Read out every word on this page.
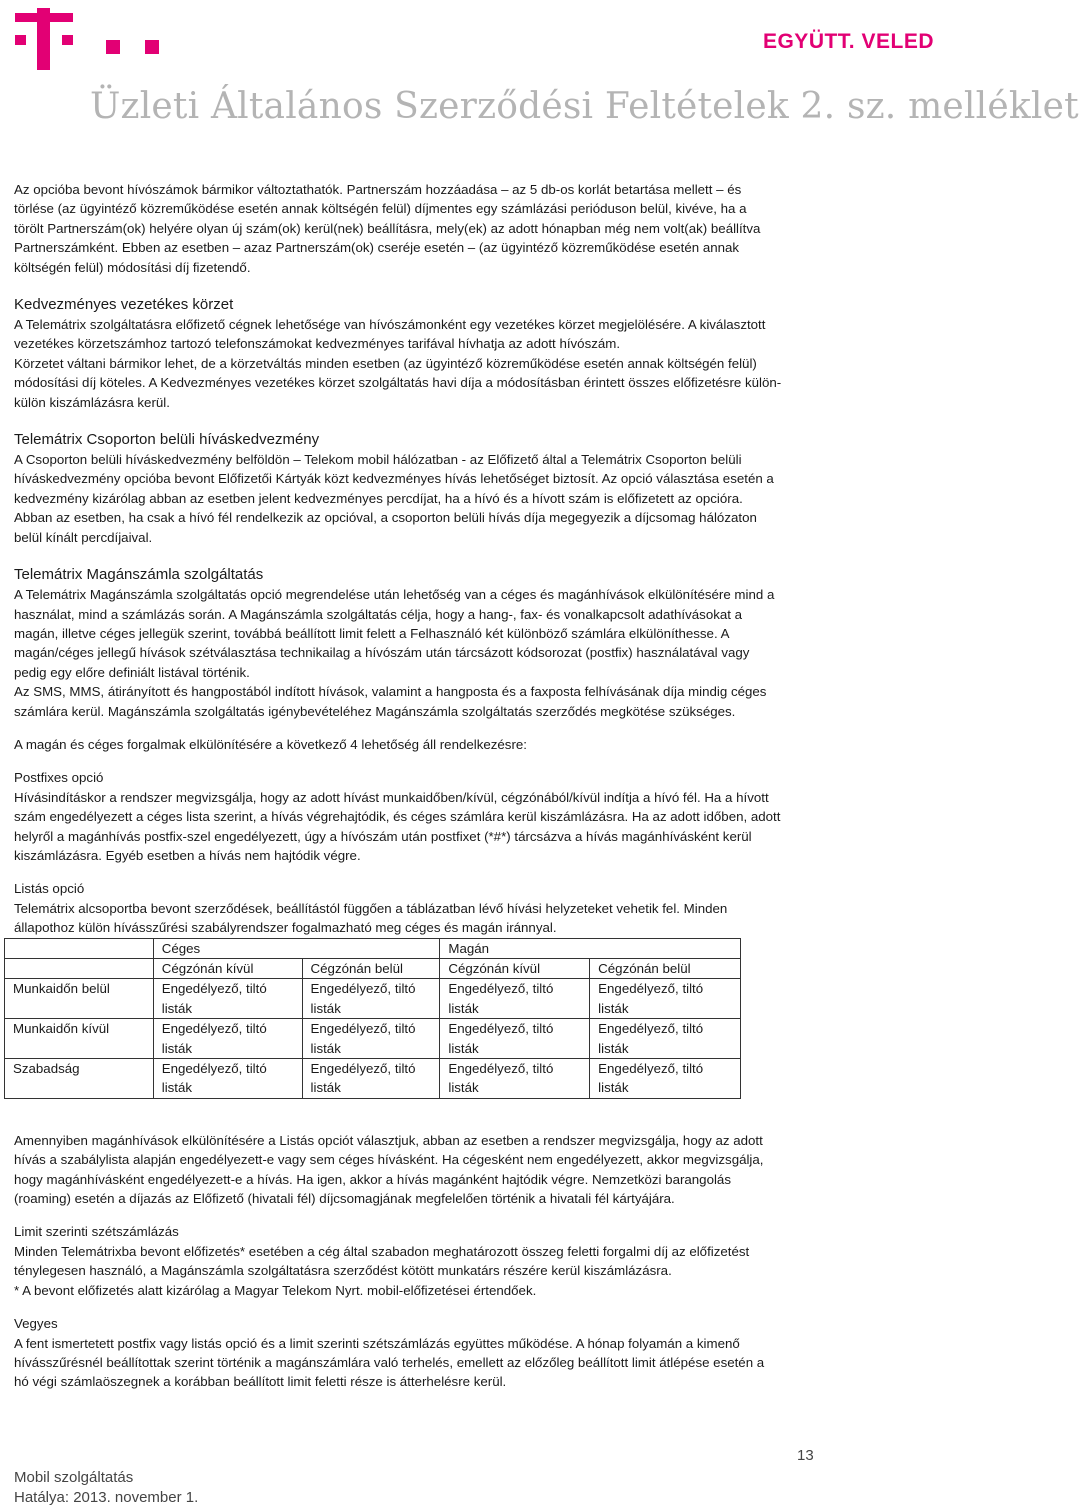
EGYÜTT. VELED
Üzleti Általános Szerződési Feltételek 2. sz. melléklet

Az opcióba bevont hívószámok bármikor változtathatók. Partnerszám hozzáadása – az 5 db-os korlát betartása mellett – és

törlése (az ügyintéző közreműködése esetén annak költségén felül) díjmentes egy számlázási perióduson belül, kivéve, ha a

törölt Partnerszám(ok) helyére olyan új szám(ok) kerül(nek) beállításra, mely(ek) az adott hónapban még nem volt(ak) beállítva

Partnerszámként. Ebben az esetben – azaz Partnerszám(ok) cseréje esetén – (az ügyintéző közreműködése esetén annak

költségén felül) módosítási díj fizetendő.

Kedvezményes vezetékes körzet

A Telemátrix szolgáltatásra előfizető cégnek lehetősége van hívószámonként egy vezetékes körzet megjelölésére. A kiválasztott

vezetékes körzetszámhoz tartozó telefonszámokat kedvezményes tarifával hívhatja az adott hívószám.

Körzetet váltani bármikor lehet, de a körzetváltás minden esetben (az ügyintéző közreműködése esetén annak költségén felül)

módosítási díj köteles. A Kedvezményes vezetékes körzet szolgáltatás havi díja a módosításban érintett összes előfizetésre külön-

külön kiszámlázásra kerül.

Telemátrix Csoporton belüli híváskedvezmény

A Csoporton belüli híváskedvezmény belföldön – Telekom mobil hálózatban - az Előfizető által a Telemátrix Csoporton belüli

híváskedvezmény opcióba bevont Előfizetői Kártyák közt kedvezményes hívás lehetőséget biztosít. Az opció választása esetén a

kedvezmény kizárólag abban az esetben jelent kedvezményes percdíjat, ha a hívó és a hívott szám is előfizetett az opcióra.

Abban az esetben, ha csak a hívó fél rendelkezik az opcióval, a csoporton belüli hívás díja megegyezik a díjcsomag hálózaton

belül kínált percdíjaival.

Telemátrix Magánszámla szolgáltatás

A Telemátrix Magánszámla szolgáltatás opció megrendelése után lehetőség van a céges és magánhívások elkülönítésére mind a

használat, mind a számlázás során. A Magánszámla szolgáltatás célja, hogy a hang-, fax- és vonalkapcsolt adathívásokat a

magán, illetve céges jellegük szerint, továbbá beállított limit felett a Felhasználó két különböző számlára elkülöníthesse. A

magán/céges jellegű hívások szétválasztása technikailag a hívószám után tárcsázott kódsorozat (postfix) használatával vagy

pedig egy előre definiált listával történik.

Az SMS, MMS, átirányított és hangpostából indított hívások, valamint a hangposta és a faxposta felhívásának díja mindig céges

számlára kerül. Magánszámla szolgáltatás igénybevételéhez Magánszámla szolgáltatás szerződés megkötése szükséges.

A magán és céges forgalmak elkülönítésére a következő 4 lehetőség áll rendelkezésre:

Postfixes opció

Hívásindításkor a rendszer megvizsgálja, hogy az adott hívást munkaidőben/kívül, cégzónából/kívül indítja a hívó fél. Ha a hívott

szám engedélyezett a céges lista szerint, a hívás végrehajtódik, és céges számlára kerül kiszámlázásra. Ha az adott időben, adott

helyről a magánhívás postfix-szel engedélyezett, úgy a hívószám után postfixet (*#*) tárcsázva a hívás magánhívásként kerül

kiszámlázásra. Egyéb esetben a hívás nem hajtódik végre.

Listás opció

Telemátrix alcsoportba bevont szerződések, beállítástól függően a táblázatban lévő hívási helyzeteket vehetik fel. Minden

állapothoz külön hívásszűrési szabályrendszer fogalmazható meg céges és magán iránnyal.

	Céges		Magán	
	Cégzónán kívül	Cégzónán belül	Cégzónán kívül	Cégzónán belül
Munkaidőn belül	Engedélyező, tiltó listák	Engedélyező, tiltó listák	Engedélyező, tiltó listák	Engedélyező, tiltó listák
Munkaidőn kívül	Engedélyező, tiltó listák	Engedélyező, tiltó listák	Engedélyező, tiltó listák	Engedélyező, tiltó listák
Szabadság	Engedélyező, tiltó listák	Engedélyező, tiltó listák	Engedélyező, tiltó listák	Engedélyező, tiltó listák

Amennyiben magánhívások elkülönítésére a Listás opciót választjuk, abban az esetben a rendszer megvizsgálja, hogy az adott

hívás a szabálylista alapján engedélyezett-e vagy sem céges hívásként. Ha cégesként nem engedélyezett, akkor megvizsgálja,

hogy magánhívásként engedélyezett-e a hívás. Ha igen, akkor a hívás magánként hajtódik végre. Nemzetközi barangolás

(roaming) esetén a díjazás az Előfizető (hivatali fél) díjcsomagjának megfelelően történik a hivatali fél kártyájára.

Limit szerinti szétszámlázás

Minden Telemátrixba bevont előfizetés* esetében a cég által szabadon meghatározott összeg feletti forgalmi díj az előfizetést

ténylegesen használó, a Magánszámla szolgáltatásra szerződést kötött munkatárs részére kerül kiszámlázásra.

* A bevont előfizetés alatt kizárólag a Magyar Telekom Nyrt. mobil-előfizetései értendőek.

Vegyes

A fent ismertetett postfix vagy listás opció és a limit szerinti szétszámlázás együttes működése. A hónap folyamán a kimenő

hívásszűrésnél beállítottak szerint történik a magánszámlára való terhelés, emellett az előzőleg beállított limit átlépése esetén a

hó végi számlaöszegnek a korábban beállított limit feletti része is átterhelésre kerül.

13
Mobil szolgáltatás
Hatálya: 2013. november 1.
